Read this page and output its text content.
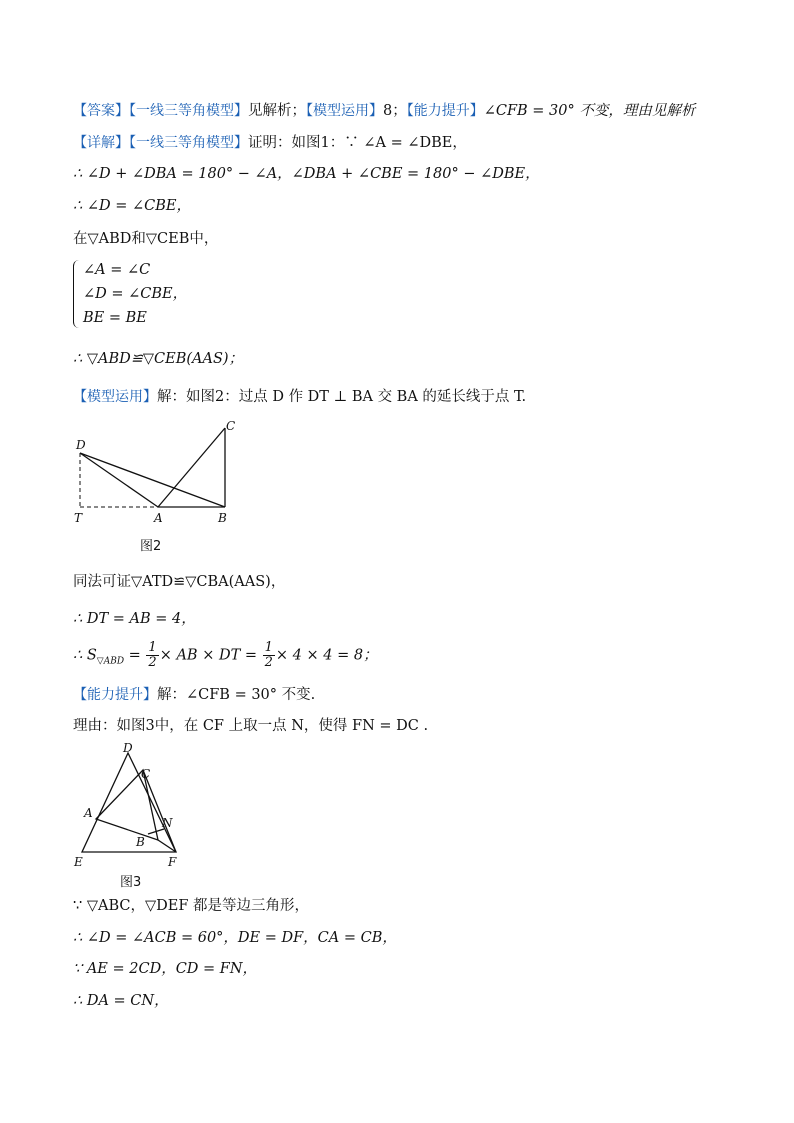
【答案】【一线三等角模型】见解析；【模型运用】8；【能力提升】∠CFB = 30° 不变，理由见解析
【详解】【一线三等角模型】证明：如图1：∵ ∠A = ∠DBE，
∴ ∠D + ∠DBA = 180° − ∠A，∠DBA + ∠CBE = 180° − ∠DBE，
∴ ∠D = ∠CBE，
在▽ABD和▽CEB中，
∠A = ∠C
∠D = ∠CBE，
BE = BE
∴ ▽ABD≌▽CEB(AAS)；
【模型运用】解：如图2：过点 D 作 DT ⊥ BA 交 BA 的延长线于点 T.
D
C
T	A	B
图2
同法可证▽ATD≌▽CBA(AAS)，
∴ DT = AB = 4，
∴ $S_{▽ABD} = \frac{1}{2}$ × AB × DT = $\frac{1}{2} \times 4 \times 4 = 8$；
【能力提升】解：∠CFB = 30° 不变.
理由：如图3中，在 CF 上取一点 N，使得 FN = DC .
D
C
A
N
B
E	F
图3
∵ ▽ABC，▽DEF 都是等边三角形，
∴ ∠D = ∠ACB = 60°，DE = DF，CA = CB，
∵ AE = 2CD，CD = FN，
∴ DA = CN，
